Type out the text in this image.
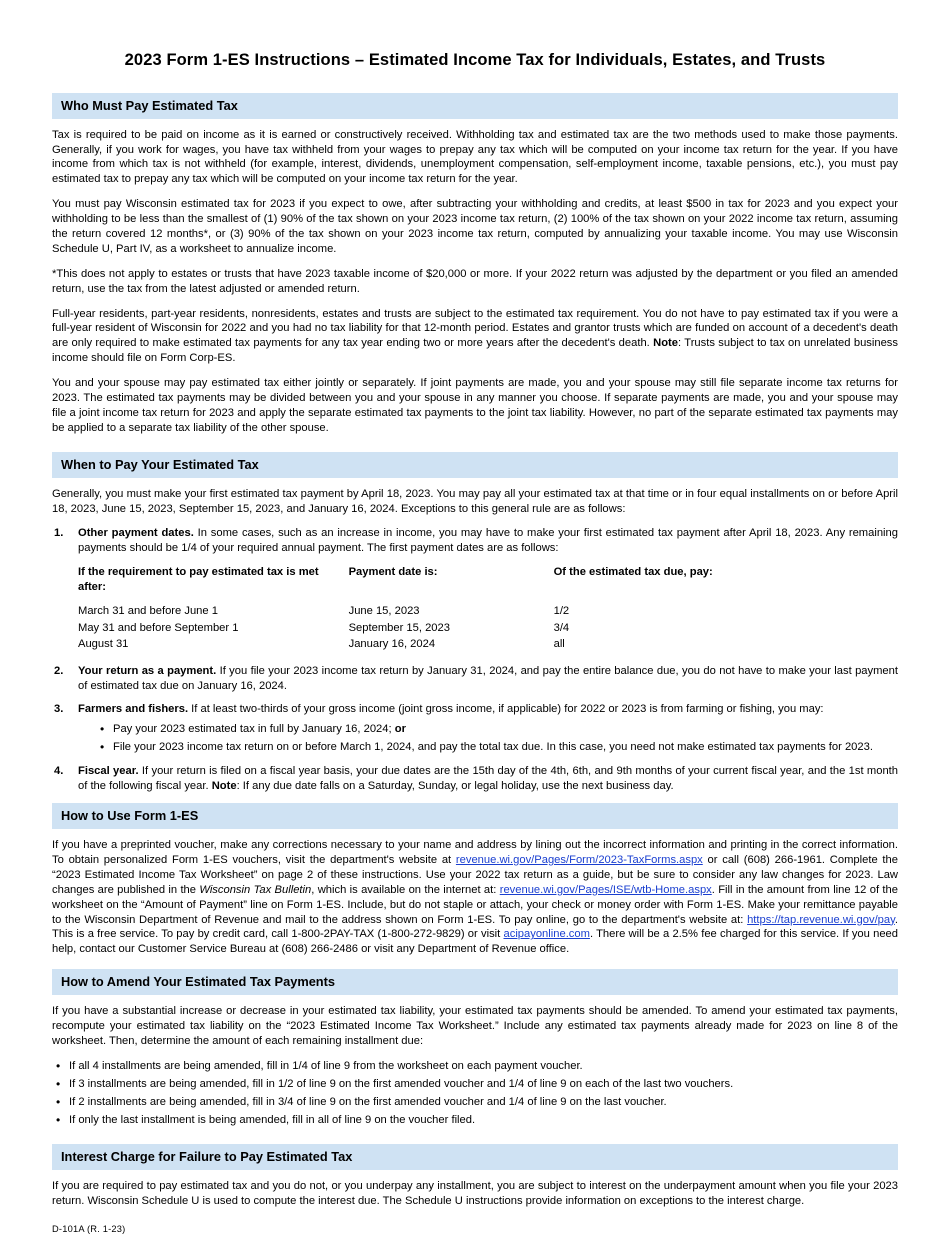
2023 Form 1-ES Instructions – Estimated Income Tax for Individuals, Estates, and Trusts
Who Must Pay Estimated Tax

Tax is required to be paid on income as it is earned or constructively received. Withholding tax and estimated tax are the two methods used to make those payments. Generally, if you work for wages, you have tax withheld from your wages to prepay any tax which will be computed on your income tax return for the year. If you have income from which tax is not withheld (for example, interest, dividends, unemployment compensation, self-employment income, taxable pensions, etc.), you must pay estimated tax to prepay any tax which will be computed on your income tax return for the year.

You must pay Wisconsin estimated tax for 2023 if you expect to owe, after subtracting your withholding and credits, at least $500 in tax for 2023 and you expect your withholding to be less than the smallest of (1) 90% of the tax shown on your 2023 income tax return, (2) 100% of the tax shown on your 2022 income tax return, assuming the return covered 12 months*, or (3) 90% of the tax shown on your 2023 income tax return, computed by annualizing your taxable income. You may use Wisconsin Schedule U, Part IV, as a worksheet to annualize income.

*This does not apply to estates or trusts that have 2023 taxable income of $20,000 or more. If your 2022 return was adjusted by the department or you filed an amended return, use the tax from the latest adjusted or amended return.

Full-year residents, part-year residents, nonresidents, estates and trusts are subject to the estimated tax requirement. You do not have to pay estimated tax if you were a full-year resident of Wisconsin for 2022 and you had no tax liability for that 12-month period. Estates and grantor trusts which are funded on account of a decedent's death are only required to make estimated tax payments for any tax year ending two or more years after the decedent's death. Note: Trusts subject to tax on unrelated business income should file on Form Corp-ES.

You and your spouse may pay estimated tax either jointly or separately. If joint payments are made, you and your spouse may still file separate income tax returns for 2023. The estimated tax payments may be divided between you and your spouse in any manner you choose. If separate payments are made, you and your spouse may file a joint income tax return for 2023 and apply the separate estimated tax payments to the joint tax liability. However, no part of the separate estimated tax payments may be applied to a separate tax liability of the other spouse.

When to Pay Your Estimated Tax

Generally, you must make your first estimated tax payment by April 18, 2023. You may pay all your estimated tax at that time or in four equal installments on or before April 18, 2023, June 15, 2023, September 15, 2023, and January 16, 2024. Exceptions to this general rule are as follows:

1.	Other payment dates. In some cases, such as an increase in income, you may have to make your first estimated tax payment after April 18, 2023. Any remaining payments should be 1/4 of your required annual payment. The first payment dates are as follows:
If the requirement to pay estimated tax is met after:	Payment date is:	Of the estimated tax due, pay:
March 31 and before June 1	June 15, 2023	1/2
May 31 and before September 1	September 15, 2023	3/4
August 31	January 16, 2024	all
2.	Your return as a payment. If you file your 2023 income tax return by January 31, 2024, and pay the entire balance due, you do not have to make your last payment of estimated tax due on January 16, 2024.
3.	Farmers and fishers. If at least two-thirds of your gross income (joint gross income, if applicable) for 2022 or 2023 is from farming or fishing, you may:
• Pay your 2023 estimated tax in full by January 16, 2024; or
• File your 2023 income tax return on or before March 1, 2024, and pay the total tax due. In this case, you need not make estimated tax payments for 2023.
4.	Fiscal year. If your return is filed on a fiscal year basis, your due dates are the 15th day of the 4th, 6th, and 9th months of your current fiscal year, and the 1st month of the following fiscal year. Note: If any due date falls on a Saturday, Sunday, or legal holiday, use the next business day.
How to Use Form 1-ES

If you have a preprinted voucher, make any corrections necessary to your name and address by lining out the incorrect information and printing in the correct information. To obtain personalized Form 1-ES vouchers, visit the department's website at revenue.wi.gov/Pages/Form/2023-TaxForms.aspx or call (608) 266-1961. Complete the “2023 Estimated Income Tax Worksheet” on page 2 of these instructions. Use your 2022 tax return as a guide, but be sure to consider any law changes for 2023. Law changes are published in the Wisconsin Tax Bulletin, which is available on the internet at: revenue.wi.gov/Pages/ISE/wtb-Home.aspx. Fill in the amount from line 12 of the worksheet on the “Amount of Payment” line on Form 1-ES. Include, but do not staple or attach, your check or money order with Form 1-ES. Make your remittance payable to the Wisconsin Department of Revenue and mail to the address shown on Form 1-ES. To pay online, go to the department's website at: https://tap.revenue.wi.gov/pay. This is a free service. To pay by credit card, call 1-800-2PAY-TAX (1-800-272-9829) or visit acipayonline.com. There will be a 2.5% fee charged for this service. If you need help, contact our Customer Service Bureau at (608) 266-2486 or visit any Department of Revenue office.

How to Amend Your Estimated Tax Payments

If you have a substantial increase or decrease in your estimated tax liability, your estimated tax payments should be amended. To amend your estimated tax payments, recompute your estimated tax liability on the “2023 Estimated Income Tax Worksheet.” Include any estimated tax payments already made for 2023 on line 8 of the worksheet. Then, determine the amount of each remaining installment due:

• If all 4 installments are being amended, fill in 1/4 of line 9 from the worksheet on each payment voucher.
• If 3 installments are being amended, fill in 1/2 of line 9 on the first amended voucher and 1/4 of line 9 on each of the last two vouchers.
• If 2 installments are being amended, fill in 3/4 of line 9 on the first amended voucher and 1/4 of line 9 on the last voucher.
• If only the last installment is being amended, fill in all of line 9 on the voucher filed.
Interest Charge for Failure to Pay Estimated Tax

If you are required to pay estimated tax and you do not, or you underpay any installment, you are subject to interest on the underpayment amount when you file your 2023 return. Wisconsin Schedule U is used to compute the interest due. The Schedule U instructions provide information on exceptions to the interest charge.

D-101A (R. 1-23)
